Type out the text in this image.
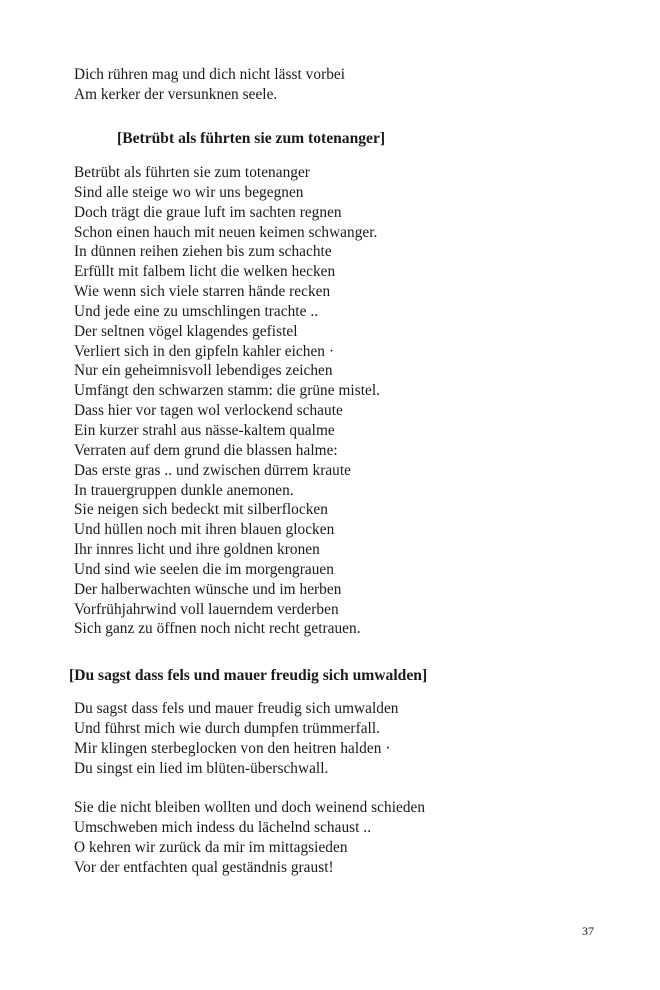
Dich rühren mag und dich nicht lässt vorbei
Am kerker der versunknen seele.
[Betrübt als führten sie zum totenanger]
Betrübt als führten sie zum totenanger
Sind alle steige wo wir uns begegnen
Doch trägt die graue luft im sachten regnen
Schon einen hauch mit neuen keimen schwanger.
In dünnen reihen ziehen bis zum schachte
Erfüllt mit falbem licht die welken hecken
Wie wenn sich viele starren hände recken
Und jede eine zu umschlingen trachte ..
Der seltnen vögel klagendes gefistel
Verliert sich in den gipfeln kahler eichen ·
Nur ein geheimnisvoll lebendiges zeichen
Umfängt den schwarzen stamm: die grüne mistel.
Dass hier vor tagen wol verlockend schaute
Ein kurzer strahl aus nässe-kaltem qualme
Verraten auf dem grund die blassen halme:
Das erste gras .. und zwischen dürrem kraute
In trauergruppen dunkle anemonen.
Sie neigen sich bedeckt mit silberflocken
Und hüllen noch mit ihren blauen glocken
Ihr innres licht und ihre goldnen kronen
Und sind wie seelen die im morgengrauen
Der halberwachten wünsche und im herben
Vorfrühjahrwind voll lauerndem verderben
Sich ganz zu öffnen noch nicht recht getrauen.
[Du sagst dass fels und mauer freudig sich umwalden]
Du sagst dass fels und mauer freudig sich umwalden
Und führst mich wie durch dumpfen trümmerfall.
Mir klingen sterbeglocken von den heitren halden ·
Du singst ein lied im blüten-überschwall.
Sie die nicht bleiben wollten und doch weinend schieden
Umschweben mich indess du lächelnd schaust ..
O kehren wir zurück da mir im mittagsieden
Vor der entfachten qual geständnis graust!
37
